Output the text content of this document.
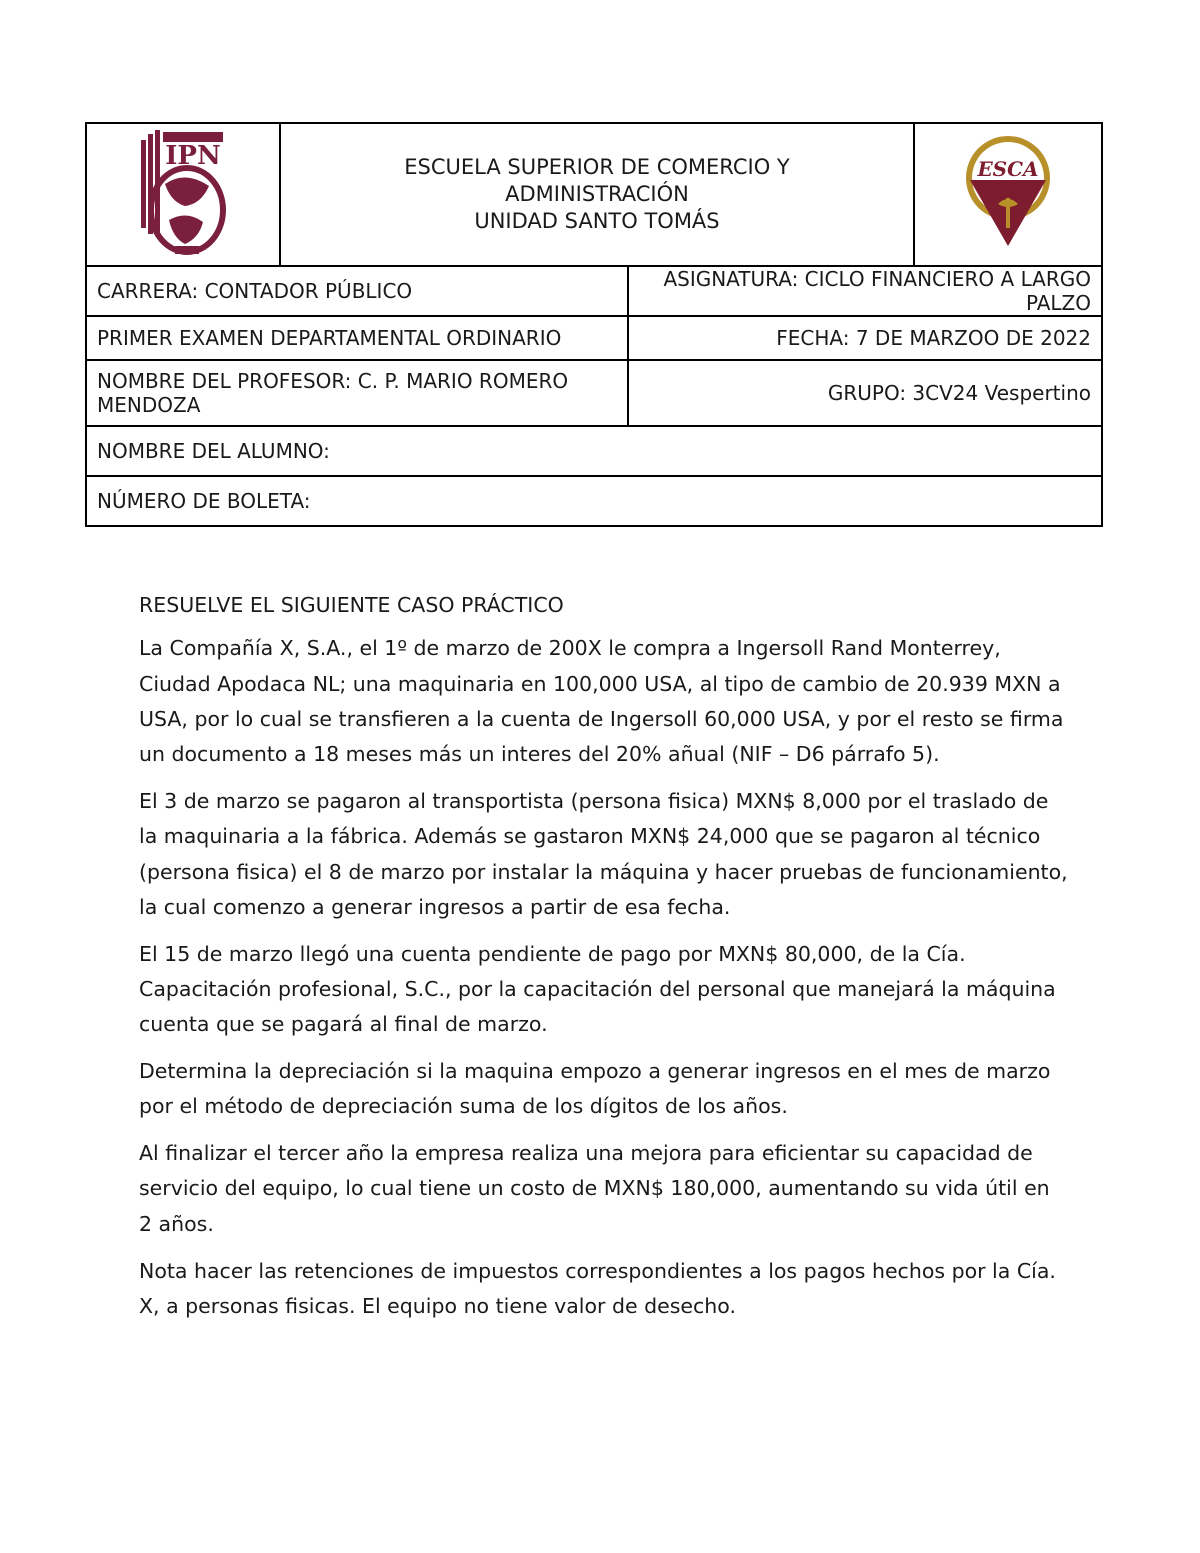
IPN	ESCUELA SUPERIOR DE COMERCIO Y
ADMINISTRACIÓN
UNIDAD SANTO TOMÁS		ESCA

CARRERA: CONTADOR PÚBLICO		ASIGNATURA: CICLO FINANCIERO A LARGO
PALZO	

PRIMER EXAMEN DEPARTAMENTAL ORDINARIO		FECHA: 7 DE MARZOO DE 2022	

NOMBRE DEL PROFESOR: C. P. MARIO ROMERO
MENDOZA		GRUPO: 3CV24 Vespertino	
NOMBRE DEL ALUMNO:			
NÚMERO DE BOLETA:			

RESUELVE EL SIGUIENTE CASO PRÁCTICO

La Compañía X, S.A., el 1º de marzo de 200X le compra a Ingersoll Rand Monterrey, Ciudad Apodaca NL; una maquinaria en 100,000 USA, al tipo de cambio de 20.939 MXN a USA, por lo cual se transfieren a la cuenta de Ingersoll 60,000 USA, y por el resto se firma un documento a 18 meses más un interes del 20% añual (NIF – D6 párrafo 5).

El 3 de marzo se pagaron al transportista (persona fisica) MXN$ 8,000 por el traslado de la maquinaria a la fábrica. Además se gastaron MXN$ 24,000 que se pagaron al técnico (persona fisica) el 8 de marzo por instalar la máquina y hacer pruebas de funcionamiento, la cual comenzo a generar ingresos a partir de esa fecha.

El 15 de marzo llegó una cuenta pendiente de pago por MXN$ 80,000, de la Cía. Capacitación profesional, S.C., por la capacitación del personal que manejará la máquina cuenta que se pagará al final de marzo.

Determina la depreciación si la maquina empozo a generar ingresos en el mes de marzo por el método de depreciación suma de los dígitos de los años.

Al finalizar el tercer año la empresa realiza una mejora para eficientar su capacidad de servicio del equipo, lo cual tiene un costo de MXN$ 180,000, aumentando su vida útil en 2 años.

Nota hacer las retenciones de impuestos correspondientes a los pagos hechos por la Cía. X, a personas fisicas. El equipo no tiene valor de desecho.
